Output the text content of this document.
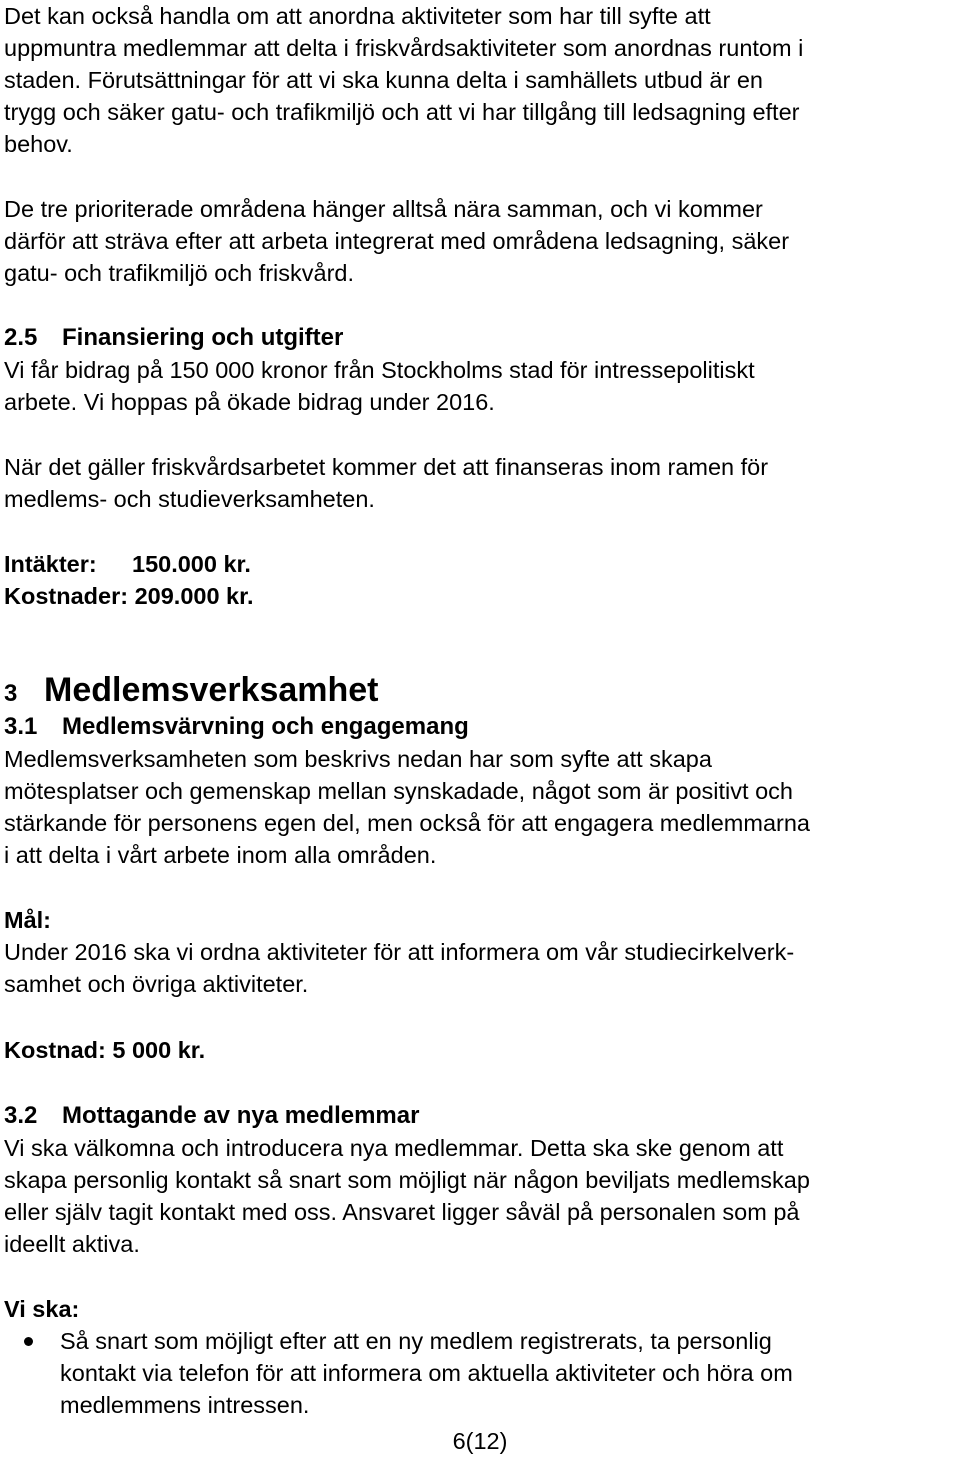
Det kan också handla om att anordna aktiviteter som har till syfte att
uppmuntra medlemmar att delta i friskvårdsaktiviteter som anordnas runtom i
staden. Förutsättningar för att vi ska kunna delta i samhällets utbud är en
trygg och säker gatu- och trafikmiljö och att vi har tillgång till ledsagning efter
behov.
De tre prioriterade områdena hänger alltså nära samman, och vi kommer
därför att sträva efter att arbeta integrerat med områdena ledsagning, säker
gatu- och trafikmiljö och friskvård.
2.5 Finansiering och utgifter
Vi får bidrag på 150 000 kronor från Stockholms stad för intressepolitiskt
arbete. Vi hoppas på ökade bidrag under 2016.
När det gäller friskvårdsarbetet kommer det att finanseras inom ramen för
medlems- och studieverksamheten.
Intäkter: 150.000 kr.
Kostnader: 209.000 kr.
3 Medlemsverksamhet
3.1 Medlemsvärvning och engagemang
Medlemsverksamheten som beskrivs nedan har som syfte att skapa
mötesplatser och gemenskap mellan synskadade, något som är positivt och
stärkande för personens egen del, men också för att engagera medlemmarna
i att delta i vårt arbete inom alla områden.
Mål:
Under 2016 ska vi ordna aktiviteter för att informera om vår studiecirkelverk-
samhet och övriga aktiviteter.
Kostnad: 5 000 kr.
3.2 Mottagande av nya medlemmar
Vi ska välkomna och introducera nya medlemmar. Detta ska ske genom att
skapa personlig kontakt så snart som möjligt när någon beviljats medlemskap
eller själv tagit kontakt med oss. Ansvaret ligger såväl på personalen som på
ideellt aktiva.
Vi ska:
Så snart som möjligt efter att en ny medlem registrerats, ta personlig
kontakt via telefon för att informera om aktuella aktiviteter och höra om
medlemmens intressen.
6(12)
